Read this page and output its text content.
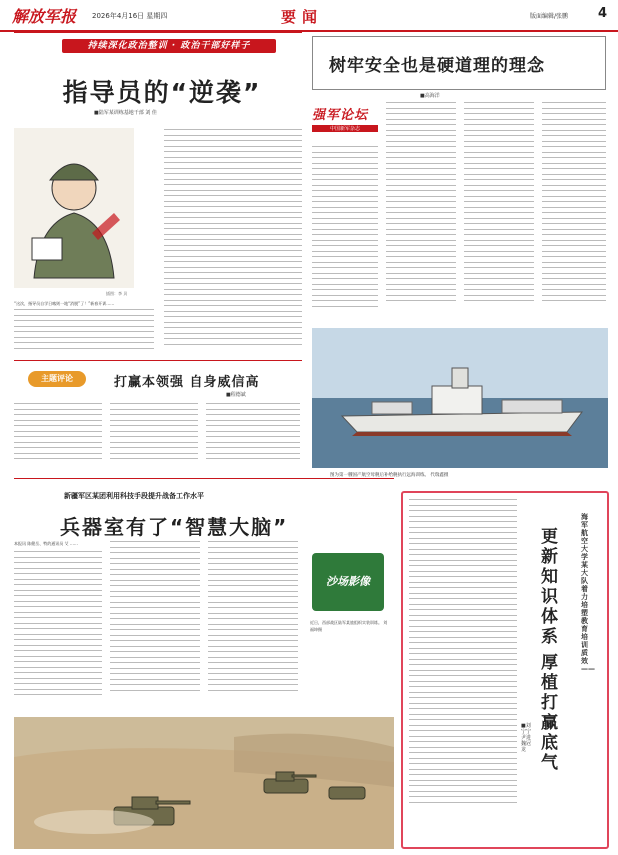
解放军报 2026年4月16日 星期四	要闻	版面编辑/张鹏 4
持续深化政治整训 · 政治干部好样子
指导员的“逆袭”
■陆军某训练基地干部 刘 佳
插图：李 贝
“这次，指导员自学日喀则一地“消脱”了！”新春开训……
主题评论	打赢本领强 自身威信高
■程德斌
新疆军区某团利用科技手段提升战备工作水平
兵器室有了“智慧大脑”
本报讯 陈健岳、特约通讯员 艾 ……
沙场影像
近日，西部战区陆军某旅组织实装训练。 刘福坤摄
树牢安全也是硬道理的理念
■高海洋
强军论坛
中国新军杂志
图为第一艘国产航空母舰后补给舰执行远海训练。 代瑞鑫摄
■刘宁宁 尹进 魏冠龙
更新知识体系
厚植打赢底气
海军航空大学某大队着力培塑教育培训质效——
